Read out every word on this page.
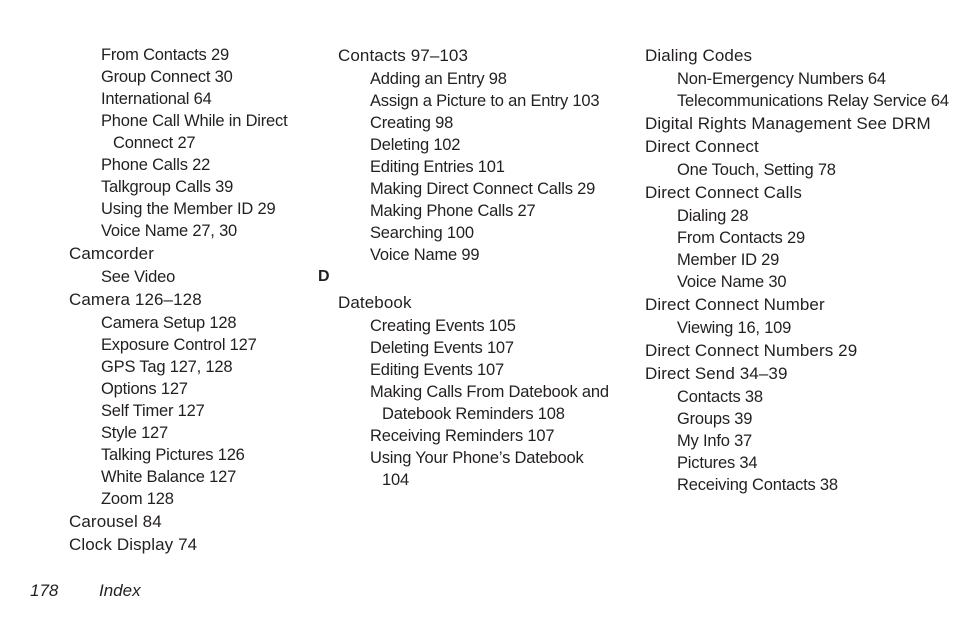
From Contacts 29

Group Connect 30

International 64

Phone Call While in Direct Connect 27

Phone Calls 22

Talkgroup Calls 39

Using the Member ID 29

Voice Name 27, 30

Camcorder

See Video

Camera 126–128

Camera Setup 128

Exposure Control 127

GPS Tag 127, 128

Options 127

Self Timer 127

Style 127

Talking Pictures 126

White Balance 127

Zoom 128

Carousel 84

Clock Display 74

Contacts 97–103

Adding an Entry 98

Assign a Picture to an Entry 103

Creating 98

Deleting 102

Editing Entries 101

Making Direct Connect Calls 29

Making Phone Calls 27

Searching 100

Voice Name 99

D

Datebook

Creating Events 105

Deleting Events 107

Editing Events 107

Making Calls From Datebook and Datebook Reminders 108

Receiving Reminders 107

Using Your Phone’s Datebook 104

Dialing Codes

Non-Emergency Numbers 64

Telecommunications Relay Service 64

Digital Rights Management See DRM

Direct Connect

One Touch, Setting 78

Direct Connect Calls

Dialing 28

From Contacts 29

Member ID 29

Voice Name 30

Direct Connect Number

Viewing 16, 109

Direct Connect Numbers 29

Direct Send 34–39

Contacts 38

Groups 39

My Info 37

Pictures 34

Receiving Contacts 38

178 Index
